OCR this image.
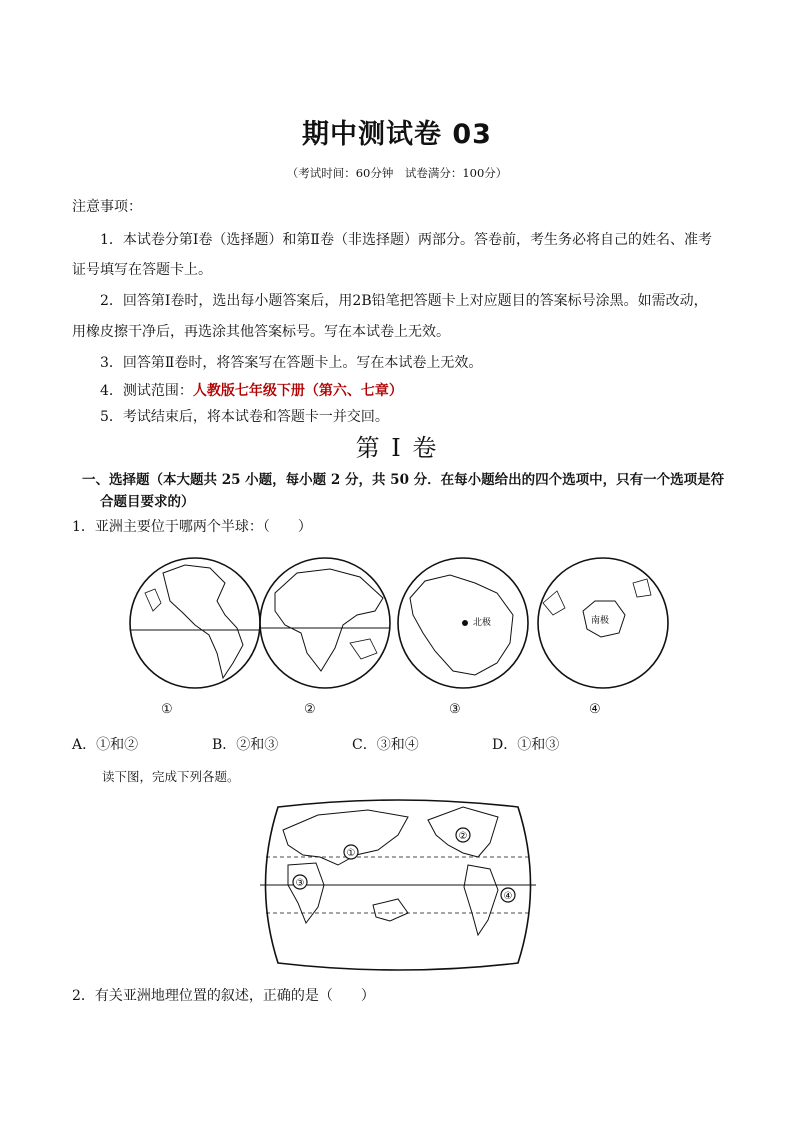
期中测试卷 03
（考试时间：60分钟　试卷满分：100分）
注意事项：
1．本试卷分第Ⅰ卷（选择题）和第Ⅱ卷（非选择题）两部分。答卷前，考生务必将自己的姓名、准考
证号填写在答题卡上。
2．回答第Ⅰ卷时，选出每小题答案后，用2B铅笔把答题卡上对应题目的答案标号涂黑。如需改动，
用橡皮擦干净后，再选涂其他答案标号。写在本试卷上无效。
3．回答第Ⅱ卷时，将答案写在答题卡上。写在本试卷上无效。
4．测试范围：人教版七年级下册（第六、七章）
5．考试结束后，将本试卷和答题卡一并交回。
第 I 卷
一、选择题（本大题共 25 小题，每小题 2 分，共 50 分．在每小题给出的四个选项中，只有一个选项是符
合题目要求的）
1．亚洲主要位于哪两个半球：（　　）
北极	南极
①	②	③	④
A．①和②	B．②和③	C．③和④	D．①和③
读下图，完成下列各题。
①
②
③
④
2．有关亚洲地理位置的叙述，正确的是（　　）
